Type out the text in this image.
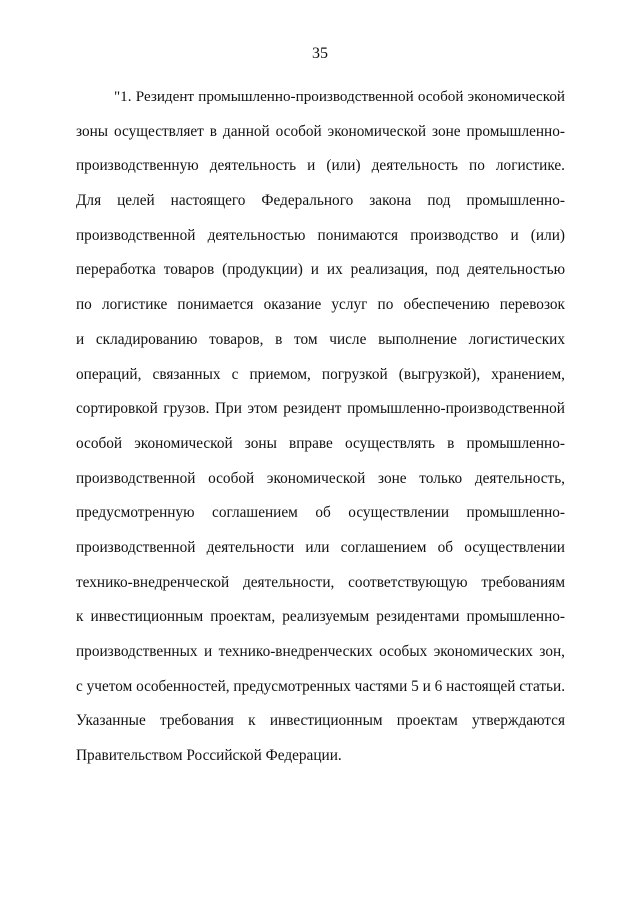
35
"1. Резидент промышленно-производственной особой экономической
зоны осуществляет в данной особой экономической зоне промышленно-
производственную деятельность и (или) деятельность по логистике.
Для целей настоящего Федерального закона под промышленно-
производственной деятельностью понимаются производство и (или)
переработка товаров (продукции) и их реализация, под деятельностью
по логистике понимается оказание услуг по обеспечению перевозок
и складированию товаров, в том числе выполнение логистических
операций, связанных с приемом, погрузкой (выгрузкой), хранением,
сортировкой грузов. При этом резидент промышленно-производственной
особой экономической зоны вправе осуществлять в промышленно-
производственной особой экономической зоне только деятельность,
предусмотренную соглашением об осуществлении промышленно-
производственной деятельности или соглашением об осуществлении
технико-внедренческой деятельности, соответствующую требованиям
к инвестиционным проектам, реализуемым резидентами промышленно-
производственных и технико-внедренческих особых экономических зон,
с учетом особенностей, предусмотренных частями 5 и 6 настоящей статьи.
Указанные требования к инвестиционным проектам утверждаются
Правительством Российской Федерации.
